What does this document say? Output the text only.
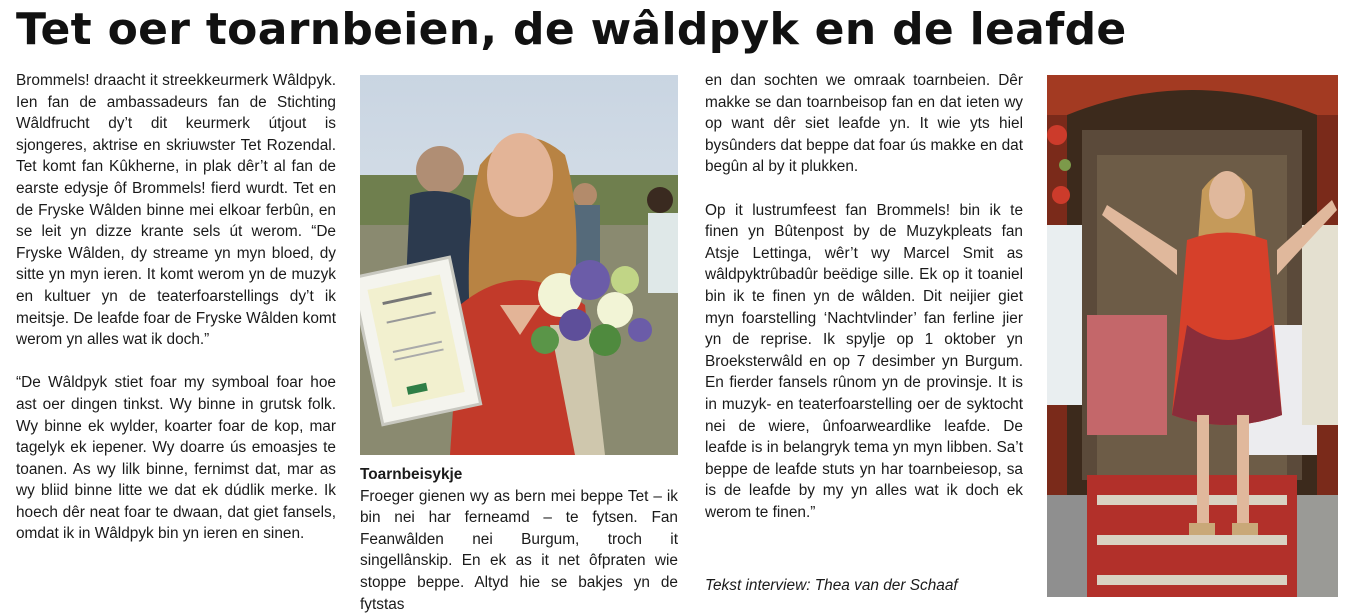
Tet oer toarnbeien, de wâldpyk en de leafde

Brommels! draacht it streekkeurmerk Wâldpyk. Ien fan de ambassadeurs fan de Stichting Wâldfrucht dy’t dit keurmerk útjout is sjongeres, aktrise en skriuwster Tet Rozendal. Tet komt fan Kûkherne, in plak dêr’t al fan de earste edysje ôf Brommels! fierd wurdt. Tet en de Fryske Wâlden binne mei elkoar ferbûn, en se leit yn dizze krante sels út werom. “De Fryske Wâlden, dy streame yn myn bloed, dy sitte yn myn ieren. It komt werom yn de muzyk en kultuer yn de teaterfoarstellings dy’t ik meitsje. De leafde foar de Fryske Wâlden komt werom yn alles wat ik doch.”

“De Wâldpyk stiet foar my symboal foar hoe ast oer dingen tinkst. Wy binne in grutsk folk. Wy binne ek wylder, koarter foar de kop, mar tagelyk ek iepener. Wy doarre ús emoasjes te toanen. As wy lilk binne, fernimst dat, mar as wy bliid binne litte we dat ek dúdlik merke. Ik hoech dêr neat foar te dwaan, dat giet fansels, omdat ik in Wâldpyk bin yn ieren en sinen.

Toarnbeisykje

Froeger gienen wy as bern mei beppe Tet – ik bin nei har ferneamd – te fytsen. Fan Feanwâlden nei Burgum, troch it singellânskip. En ek as it net ôfpraten wie stoppe beppe. Altyd hie se bakjes yn de fytstas

en dan sochten we omraak toarnbeien. Dêr makke se dan toarnbeisop fan en dat ieten wy op want dêr siet leafde yn. It wie yts hiel bysûnders dat beppe dat foar ús makke en dat begûn al by it plukken.

Op it lustrumfeest fan Brommels! bin ik te finen yn Bûtenpost by de Muzykpleats fan Atsje Lettinga, wêr’t wy Marcel Smit as wâldpyktrûbadûr beëdige sille. Ek op it toaniel bin ik te finen yn de wâlden. Dit neijier giet myn foarstelling ‘Nachtvlinder’ fan ferline jier yn de reprise. Ik spylje op 1 oktober yn Broeksterwâld en op 7 desimber yn Burgum. En fierder fansels rûnom yn de provinsje. It is in muzyk- en teaterfoarstelling oer de syktocht nei de wiere, ûnfoarweardlike leafde. De leafde is in belangryk tema yn myn libben. Sa’t beppe de leafde stuts yn har toarnbeiesop, sa is de leafde by my yn alles wat ik doch ek werom te finen.”

Tekst interview: Thea van der Schaaf
